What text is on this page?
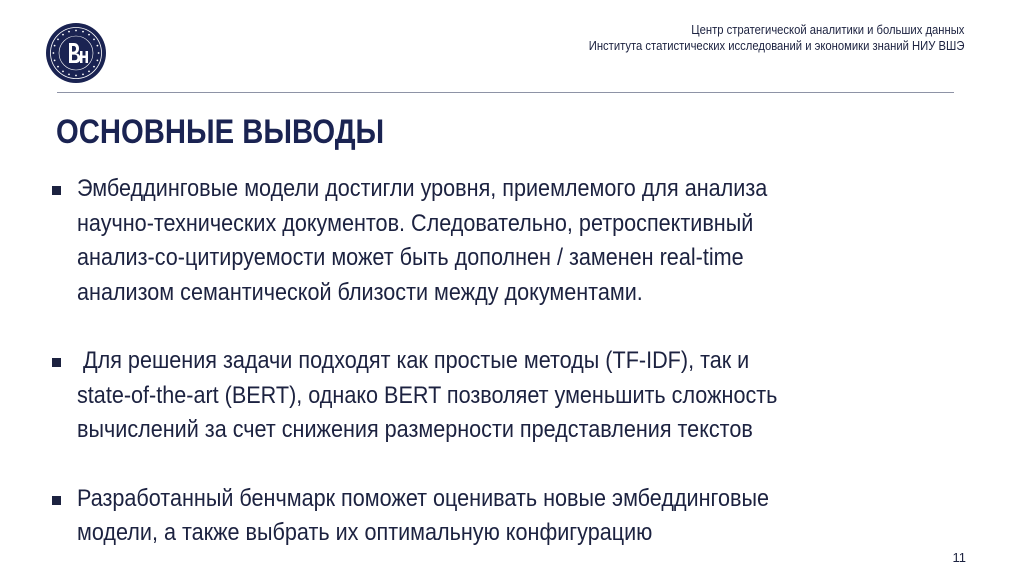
Центр стратегической аналитики и больших данных
Института статистических исследований и экономики знаний НИУ ВШЭ
ОСНОВНЫЕ ВЫВОДЫ
Эмбеддинговые модели достигли уровня, приемлемого для анализа
научно-технических документов. Следовательно, ретроспективный
анализ-со-цитируемости может быть дополнен / заменен real-time
анализом семантической близости между документами.
Для решения задачи подходят как простые методы (TF-IDF), так и
state-of-the-art (BERT), однако BERT позволяет уменьшить сложность
вычислений за счет снижения размерности представления текстов
Разработанный бенчмарк поможет оценивать новые эмбеддинговые
модели, а также выбрать их оптимальную конфигурацию
11
